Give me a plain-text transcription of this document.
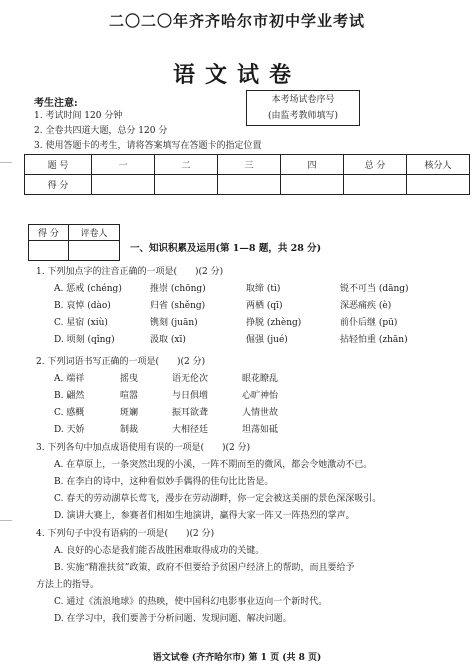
二〇二〇年齐齐哈尔市初中学业考试
语文试卷
考生注意:
1. 考试时间 120 分钟
2. 全卷共四道大题，总分 120 分
3. 使用答题卡的考生，请将答案填写在答题卡的指定位置
本考场试卷序号
(由监考教师填写)
题 号	一	二	三	四	总 分	核分人
得 分						
得 分	评卷人

一、知识积累及运用(第 1—8 题，共 28 分)
1. 下列加点字的注音正确的一项是(　　)(2 分)
A. 惩戒 (chéng)	推崇 (chōng)	取缔 (tì)	锐不可当 (dāng)
B. 哀悼 (dào)	归省 (shěng)	两栖 (qī)	深恶痛疾 (è)
C. 星宿 (xiù)	镌刻 (juān)	挣脱 (zhèng)	前仆后继 (pū)
D. 顷刻 (qǐng)	汲取 (xī)	倔强 (jué)	拈轻怕重 (zhān)
2. 下列词语书写正确的一项是(　　)(2 分)
A. 端祥	摇曳	语无伦次	眼花瞭乱
B. 翩然	喧嚣	与日俱增	心旷神怡
C. 感概	斑斓	振耳欲聋	人情世故
D. 天娇	制裁	大相径廷	坦荡如砥
3. 下列各句中加点成语使用有误的一项是(　　)(2 分)
A. 在草原上，一条突然出现的小溪，一阵不期而至的微风，都会令她激动不已。
B. 在李白的诗中，这种看似妙手偶得的佳句比比皆是。
C. 春天的劳动湖草长莺飞，漫步在劳动湖畔，你一定会被这美丽的景色深深吸引。
D. 演讲大赛上，参赛者们相如生地演讲，赢得大家一阵又一阵热烈的掌声。
4. 下列句子中没有语病的一项是(　　)(2 分)
A. 良好的心态是我们能否战胜困难取得成功的关键。
B. 实施“精准扶贫”政策，政府不但要给予贫困户经济上的帮助，而且要给予
方法上的指导。
C. 通过《流浪地球》的热映，使中国科幻电影事业迈向一个新时代。
D. 在学习中，我们要善于分析问题、发现问题、解决问题。
语文试卷 (齐齐哈尔市) 第 1 页 (共 8 页)
